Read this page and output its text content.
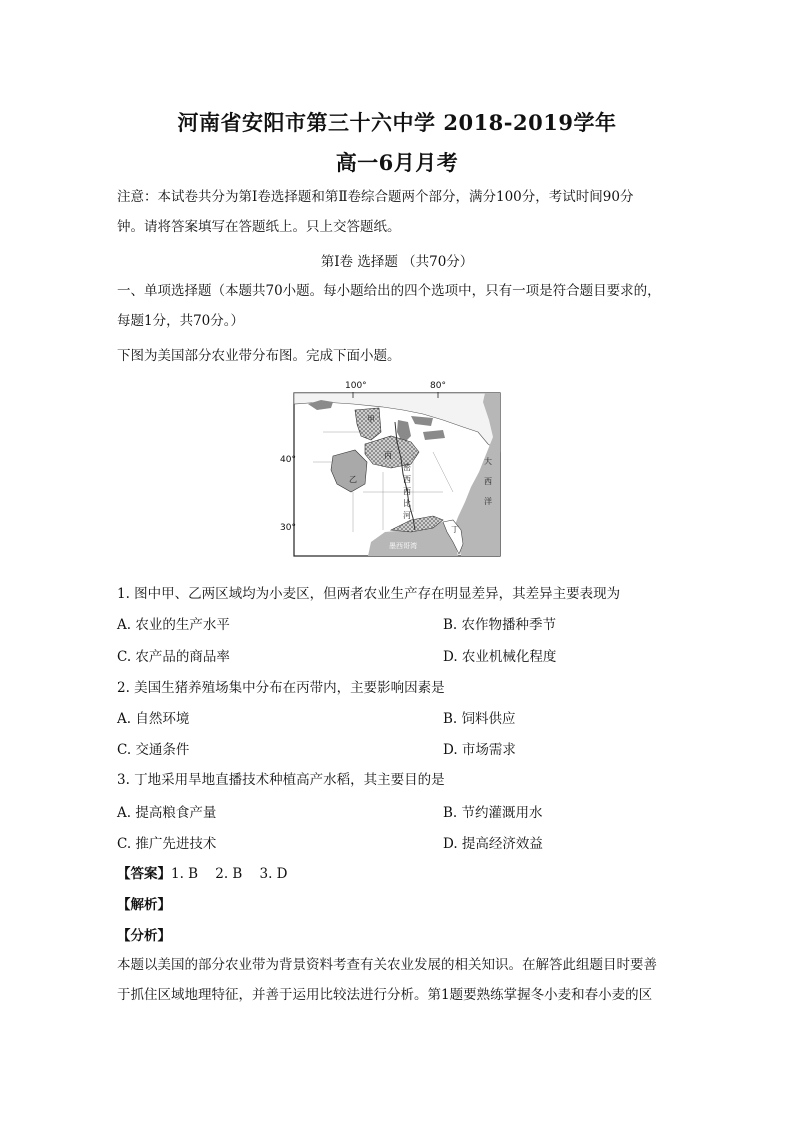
河南省安阳市第三十六中学 2018-2019学年
高一6月月考
注意：本试卷共分为第Ⅰ卷选择题和第Ⅱ卷综合题两个部分，满分100分，考试时间90分
钟。请将答案填写在答题纸上。只上交答题纸。
第Ⅰ卷 选择题 （共70分）
一、单项选择题（本题共70小题。每小题给出的四个选项中，只有一项是符合题目要求的，
每题1分，共70分。）
下图为美国部分农业带分布图。完成下面小题。
甲
丙
乙
丁
密
西
西
比
河
大
西
洋
墨西哥湾
100°	80°
40°
30°
1. 图中甲、乙两区域均为小麦区，但两者农业生产存在明显差异，其差异主要表现为
A. 农业的生产水平	B. 农作物播种季节
C. 农产品的商品率	D. 农业机械化程度
2. 美国生猪养殖场集中分布在丙带内，主要影响因素是
A. 自然环境	B. 饲料供应
C. 交通条件	D. 市场需求
3. 丁地采用旱地直播技术种植高产水稻，其主要目的是
A. 提高粮食产量	B. 节约灌溉用水
C. 推广先进技术	D. 提高经济效益
【答案】1. B    2. B    3. D
【解析】
【分析】
本题以美国的部分农业带为背景资料考查有关农业发展的相关知识。在解答此组题目时要善
于抓住区域地理特征，并善于运用比较法进行分析。第1题要熟练掌握冬小麦和春小麦的区
